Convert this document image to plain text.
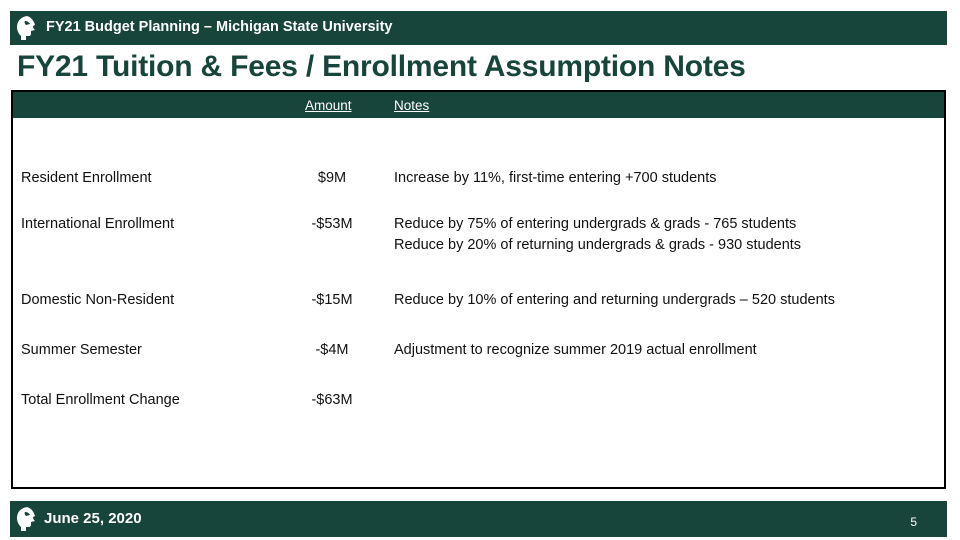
FY21 Budget Planning – Michigan State University
FY21 Tuition & Fees / Enrollment Assumption Notes
Amount	Notes
Resident Enrollment	$9M	Increase by 11%, first-time entering +700 students
International Enrollment	-$53M	Reduce by 75% of entering undergrads & grads - 765 students
Reduce by 20% of returning undergrads & grads - 930 students
Domestic Non-Resident	-$15M	Reduce by 10% of entering and returning undergrads – 520 students
Summer Semester	-$4M	Adjustment to recognize summer 2019 actual enrollment
Total Enrollment Change	-$63M
June 25, 2020	5
